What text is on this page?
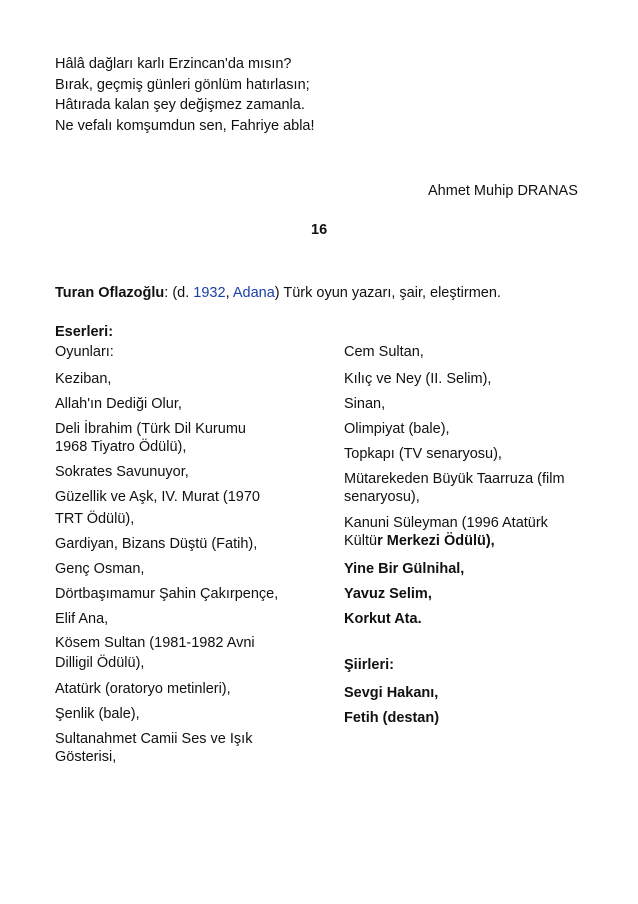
Hâlâ dağları karlı Erzincan'da mısın?
Bırak, geçmiş günleri gönlüm hatırlasın;
Hâtırada kalan şey değişmez zamanla.
Ne vefalı komşumdun sen, Fahriye abla!
Ahmet Muhip DRANAS
16
Turan Oflazoğlu: (d. 1932, Adana) Türk oyun yazarı, şair, eleştirmen.
Eserleri:
Oyunları:
Keziban,
Allah'ın Dediği Olur,
Deli İbrahim (Türk Dil Kurumu
1968 Tiyatro Ödülü),
Sokrates Savunuyor,
Güzellik ve Aşk, IV. Murat (1970
TRT Ödülü),
Gardiyan, Bizans Düştü (Fatih),
Genç Osman,
Dörtbaşımamur Şahin Çakırpençe,
Elif Ana,
Kösem Sultan (1981-1982 Avni
Dilligil Ödülü),
Atatürk (oratoryo metinleri),
Şenlik (bale),
Sultanahmet Camii Ses ve Işık
Gösterisi,
Cem Sultan,
Kılıç ve Ney (II. Selim),
Sinan,
Olimpiyat (bale),
Topkapı (TV senaryosu),
Mütarekeden Büyük Taarruza (film
senaryosu),
Kanuni Süleyman (1996 Atatürk
Kültür Merkezi Ödülü),
Yine Bir Gülnihal,
Yavuz Selim,
Korkut Ata.
Şiirleri:
Sevgi Hakanı,
Fetih (destan)
